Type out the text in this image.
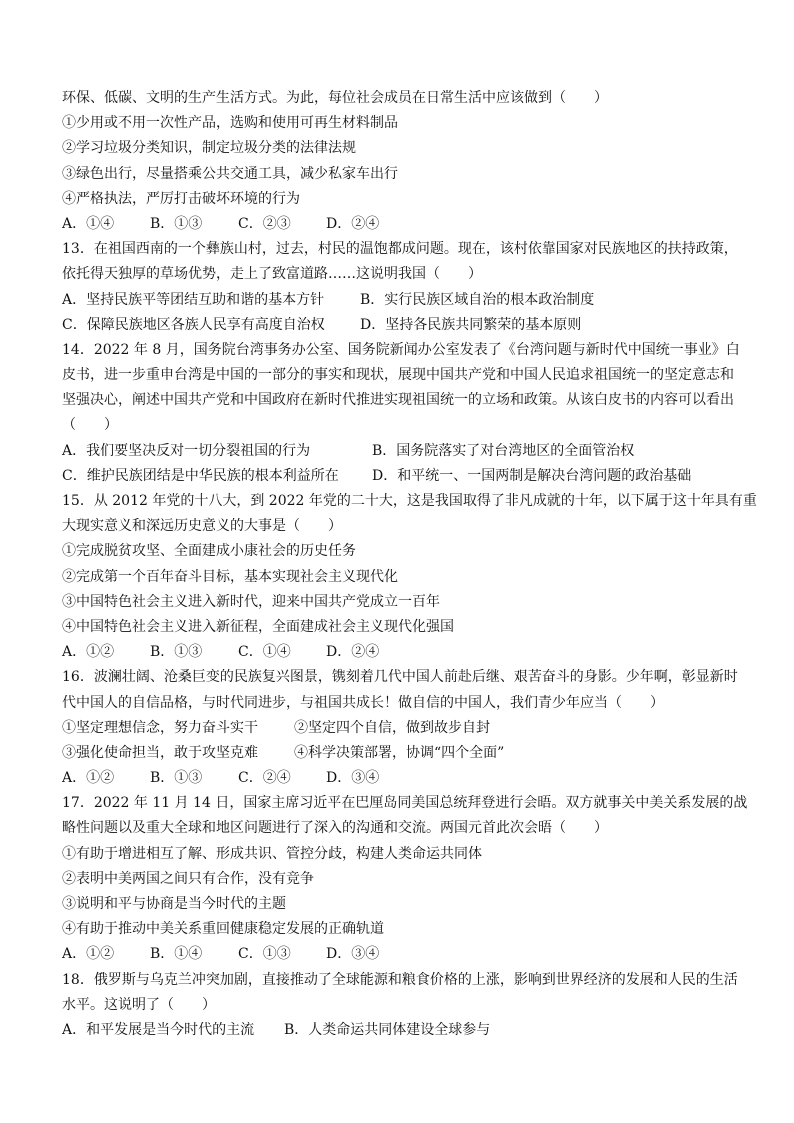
环保、低碳、文明的生产生活方式。为此，每位社会成员在日常生活中应该做到（　　）
①少用或不用一次性产品，选购和使用可再生材料制品
②学习垃圾分类知识，制定垃圾分类的法律法规
③绿色出行，尽量搭乘公共交通工具，减少私家车出行
④严格执法，严厉打击破坏环境的行为
A．①④	B．①③	C．②③	D．②④
13．在祖国西南的一个彝族山村，过去，村民的温饱都成问题。现在，该村依靠国家对民族地区的扶持政策，
依托得天独厚的草场优势，走上了致富道路……这说明我国（　　）
A．坚持民族平等团结互助和谐的基本方针	B．实行民族区域自治的根本政治制度
C．保障民族地区各族人民享有高度自治权	D．坚持各民族共同繁荣的基本原则
14．2022 年 8 月，国务院台湾事务办公室、国务院新闻办公室发表了《台湾问题与新时代中国统一事业》白
皮书，进一步重申台湾是中国的一部分的事实和现状，展现中国共产党和中国人民追求祖国统一的坚定意志和
坚强决心，阐述中国共产党和中国政府在新时代推进实现祖国统一的立场和政策。从该白皮书的内容可以看出
（　　）
A．我们要坚决反对一切分裂祖国的行为	B．国务院落实了对台湾地区的全面管治权
C．维护民族团结是中华民族的根本利益所在 D．和平统一、一国两制是解决台湾问题的政治基础
15．从 2012 年党的十八大，到 2022 年党的二十大，这是我国取得了非凡成就的十年，以下属于这十年具有重
大现实意义和深远历史意义的大事是（　　）
①完成脱贫攻坚、全面建成小康社会的历史任务
②完成第一个百年奋斗目标，基本实现社会主义现代化
③中国特色社会主义进入新时代，迎来中国共产党成立一百年
④中国特色社会主义进入新征程，全面建成社会主义现代化强国
A．①②	B．①③	C．①④	D．②④
16．波澜壮阔、沧桑巨变的民族复兴图景，镌刻着几代中国人前赴后继、艰苦奋斗的身影。少年啊，彰显新时
代中国人的自信品格，与时代同进步，与祖国共成长！做自信的中国人，我们青少年应当（　　）
①坚定理想信念，努力奋斗实干	②坚定四个自信，做到故步自封
③强化使命担当，敢于攻坚克难	④科学决策部署，协调“四个全面”
A．①②	B．①③	C．②④	D．③④
17．2022 年 11 月 14 日，国家主席习近平在巴厘岛同美国总统拜登进行会晤。双方就事关中美关系发展的战
略性问题以及重大全球和地区问题进行了深入的沟通和交流。两国元首此次会晤（　　）
①有助于增进相互了解、形成共识、管控分歧，构建人类命运共同体
②表明中美两国之间只有合作，没有竞争
③说明和平与协商是当今时代的主题
④有助于推动中美关系重回健康稳定发展的正确轨道
A．①②	B．①④	C．①③	D．③④
18．俄罗斯与乌克兰冲突加剧，直接推动了全球能源和粮食价格的上涨，影响到世界经济的发展和人民的生活
水平。这说明了（　　）
A．和平发展是当今时代的主流 B．人类命运共同体建设全球参与
